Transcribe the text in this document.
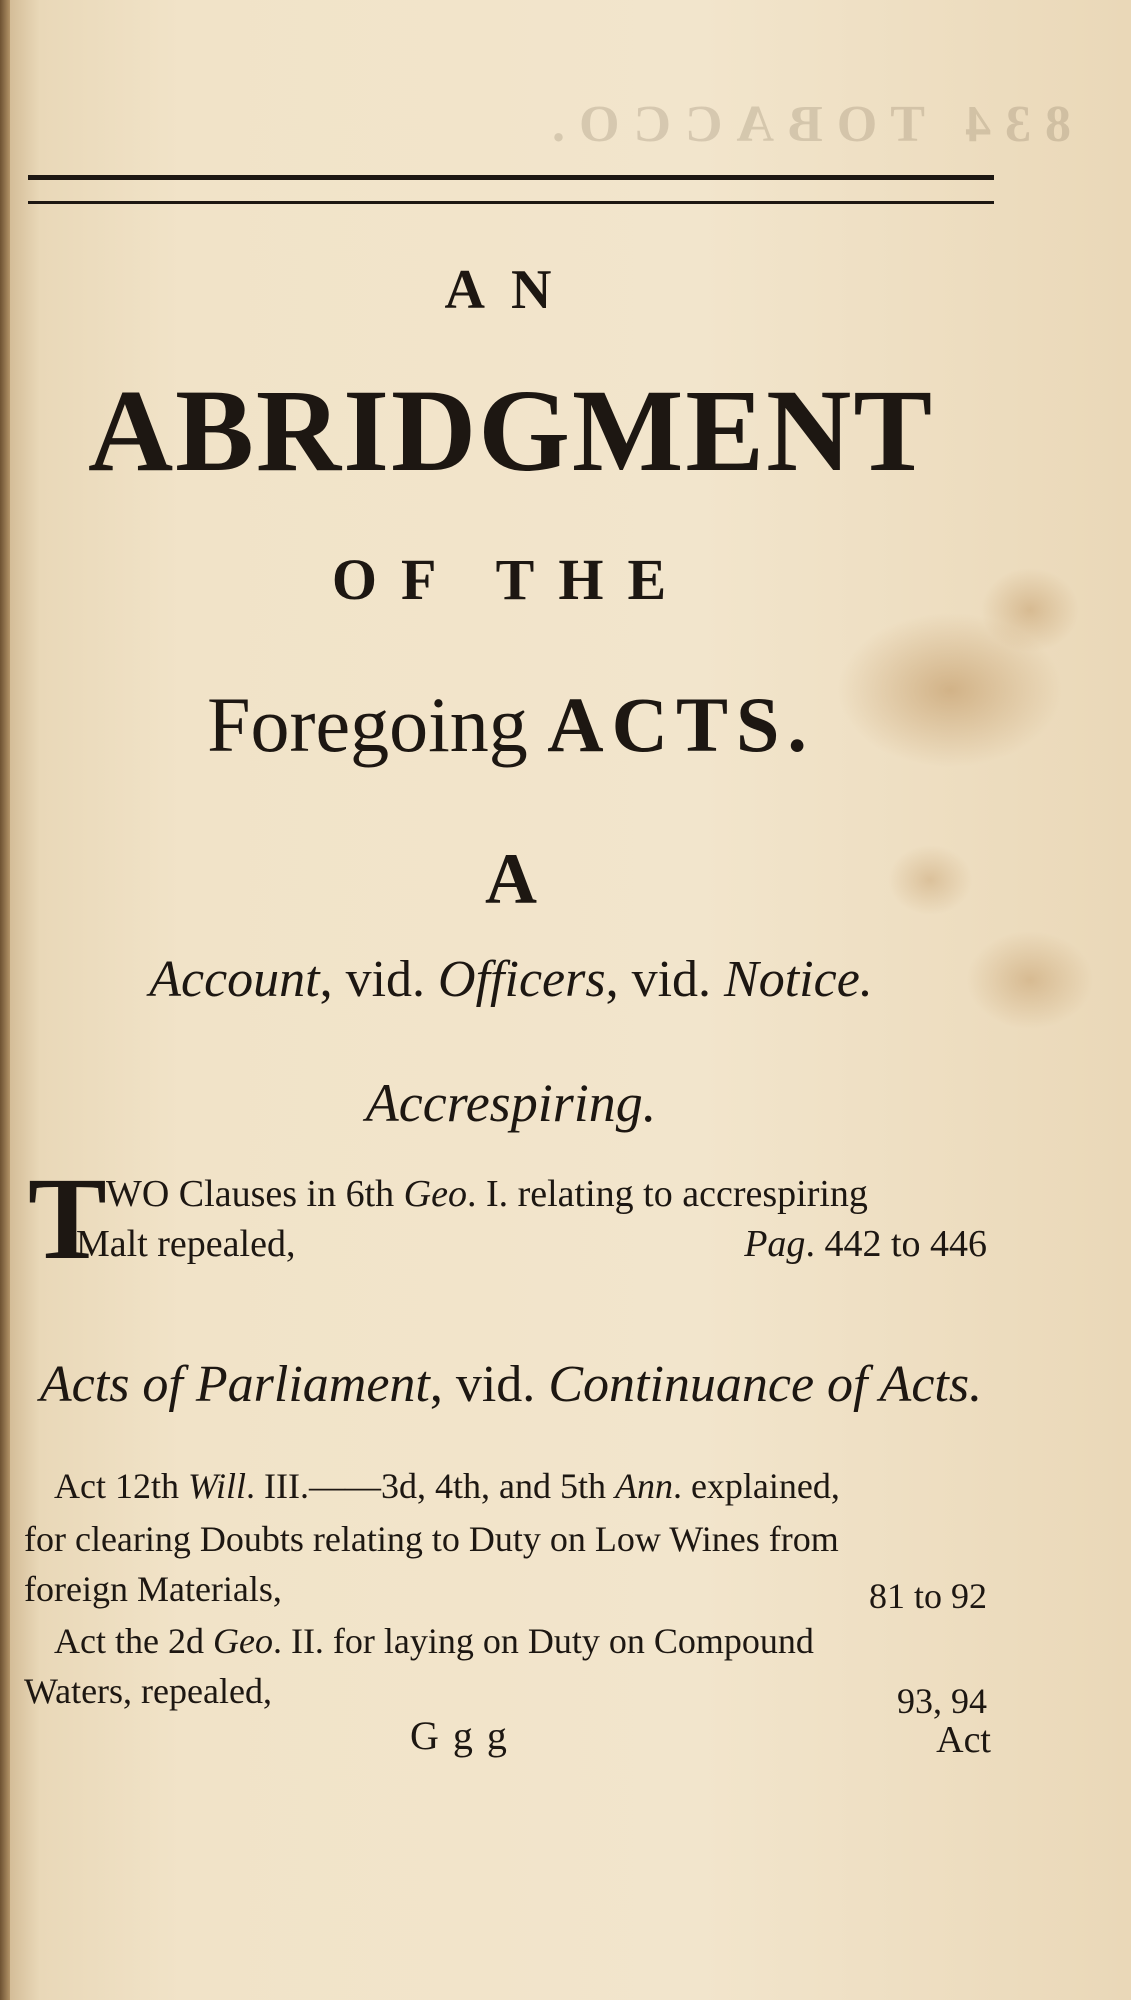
834 TOBACCO.

AN

ABRIDGMENT

OF THE

Foregoing ACTS.

A

Account, vid. Officers, vid. Notice.

Accrespiring.

T WO Clauses in 6th Geo. I. relating to accrespiring

Malt repealed,	Pag. 442 to 446

Acts of Parliament, vid. Continuance of Acts.

Act 12th Will. III.——3d, 4th, and 5th Ann. explained,

for clearing Doubts relating to Duty on Low Wines from

foreign Materials,	81 to 92

Act the 2d Geo. II. for laying on Duty on Compound

Waters, repealed,	93, 94

Ggg	Act
